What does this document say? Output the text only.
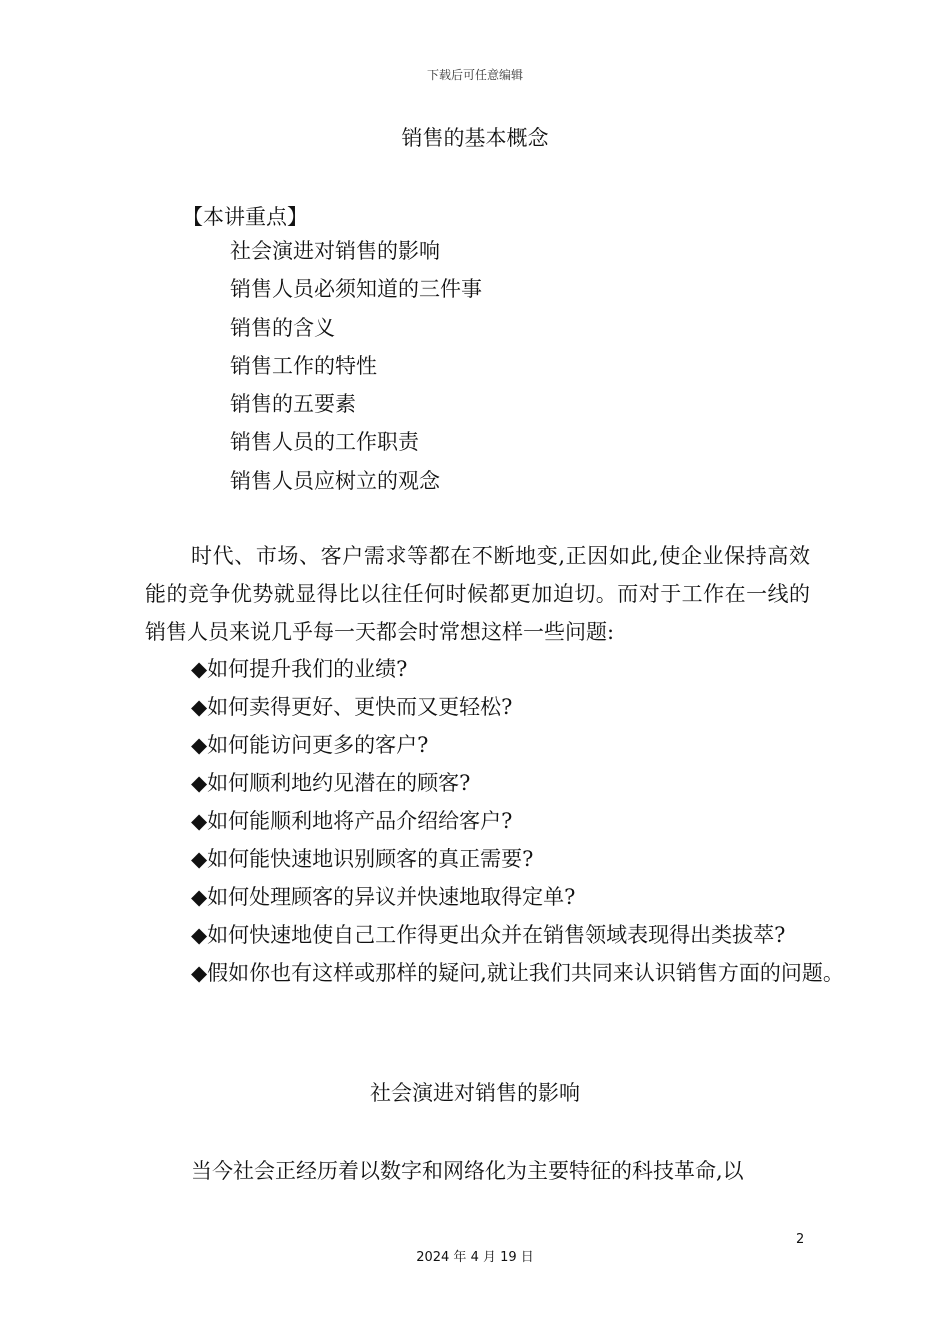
下载后可任意编辑
销售的基本概念
【本讲重点】
社会演进对销售的影响
销售人员必须知道的三件事
销售的含义
销售工作的特性
销售的五要素
销售人员的工作职责
销售人员应树立的观念

时代、市场、客户需求等都在不断地变,正因如此,使企业保持高效能的竞争优势就显得比以往任何时候都更加迫切。而对于工作在一线的销售人员来说几乎每一天都会时常想这样一些问题:

◆如何提升我们的业绩?
◆如何卖得更好、更快而又更轻松?
◆如何能访问更多的客户?
◆如何顺利地约见潜在的顾客?
◆如何能顺利地将产品介绍给客户?
◆如何能快速地识别顾客的真正需要?
◆如何处理顾客的异议并快速地取得定单?
◆如何快速地使自己工作得更出众并在销售领域表现得出类拔萃?
◆假如你也有这样或那样的疑问,就让我们共同来认识销售方面的问题。
社会演进对销售的影响

当今社会正经历着以数字和网络化为主要特征的科技革命,以

2
2024 年 4 月 19 日
